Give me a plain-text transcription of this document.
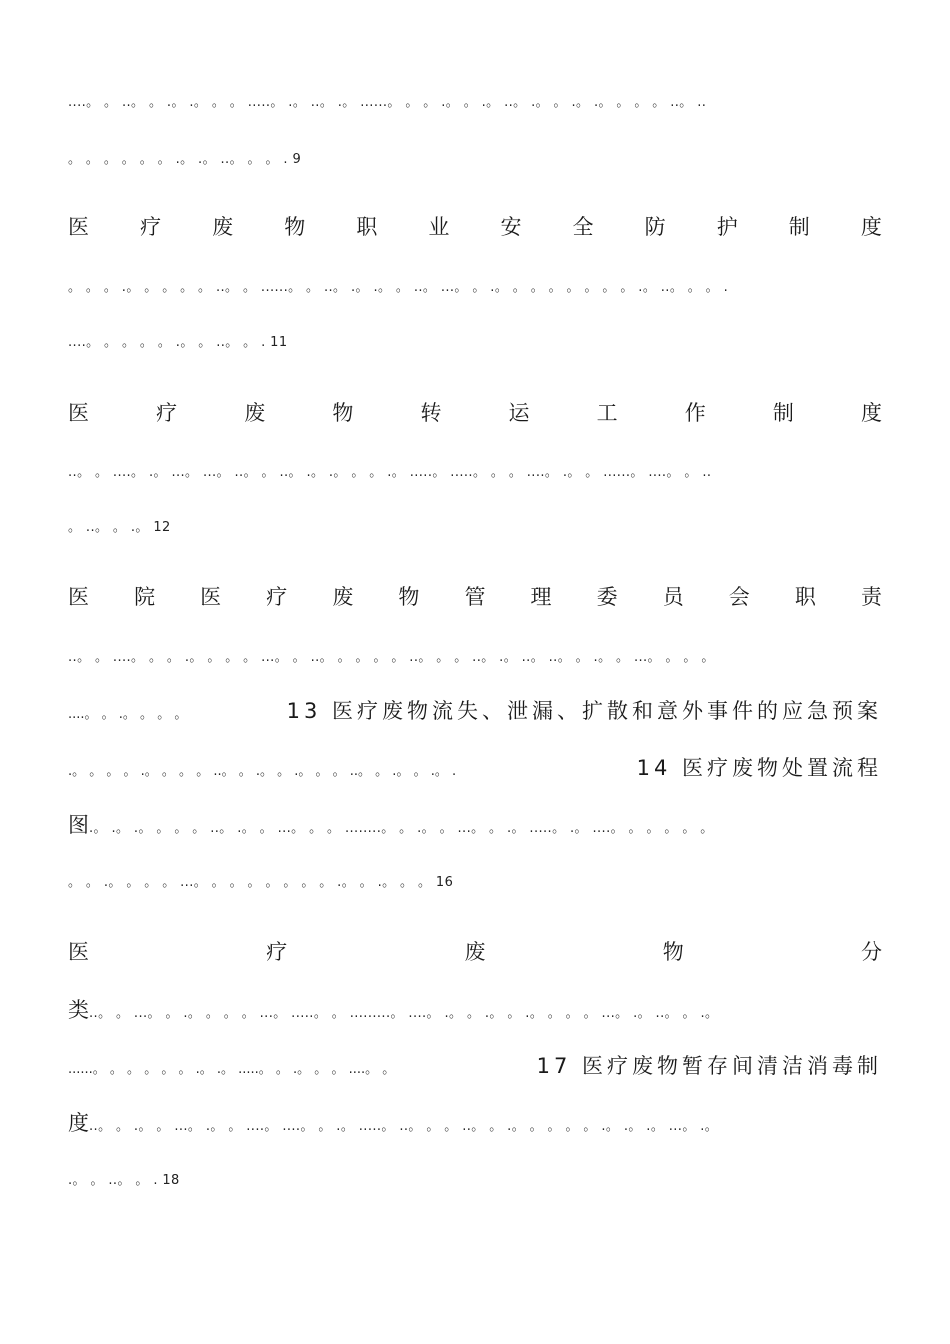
....。 。 ..。 。 .。 .。 。 。 .....。 .。 ..。 .。 ......。 。 。 .。 。 .。 ..。 .。 。 .。 .。 。 。 。 ..。 ..
。 。 。 。 。 。 .。 .。 ..。 。 。 . 9
医 疗 废 物 职 业 安 全 防 护 制 度
。 。 。 .。 。 。 。 。 ..。 。 ......。 。 ..。 .。 .。 。 ..。 ...。 。 .。 。 。 。 。 。 。 。 .。 ..。 。 。 .
....。 。 。 。 。 .。 。 ..。 。 . 11
医	疗	废	物	转	运	工	作	制	度
..。 。 ....。 .。 ...。 ...。 ..。 。 ..。 .。 .。 。 。 .。 .....。 .....。 。 。 ....。 .。 。 ......。 ....。 。 ..
。 ..。 。 .。 12
医 院 医 疗 废 物 管 理 委 员 会 职 责
..。 。 ....。 。 。 .。 。 。 。 ...。 。 ..。 。 。 。 。 ..。 。 。 ..。 .。 ..。 ..。 。 .。 。 ...。 。 。 。
....。 。 .。 。 。 。	13 医疗废物流失、泄漏、扩散和意外事件的应急预案
.。 。 。 。 .。 。 。 。 ..。 。 .。 。 .。 。 。 ..。 。 .。 。 .。 .	14 医疗废物处置流程
图.。 .。 .。 。 。 。 ..。 .。 。 ...。 。 。 ........。 。 .。 。 ...。 。 .。 .....。 .。 ....。 。 。 。 。 。
。 。 .。 。 。 。 ...。 。 。 。 。 。 。 。 .。 。 .。 。 。 16
医	疗	废	物	分
类..。 。 ...。 。 .。 。 。 。 ...。 .....。 。 .........。 ....。 .。 。 .。 。 .。 。 。 。 ...。 .。 ..。 。 .。
......。 。 。 。 。 。 .。 .。 .....。 。 .。 。 。 ....。 。	17 医疗废物暂存间清洁消毒制
度..。 。 .。 。 ...。 .。 。 ....。 ....。 。 .。 .....。 ..。 。 。 ..。 。 .。 。 。 。 。 .。 .。 .。 ...。 .。
.。 。 ..。 。 . 18
